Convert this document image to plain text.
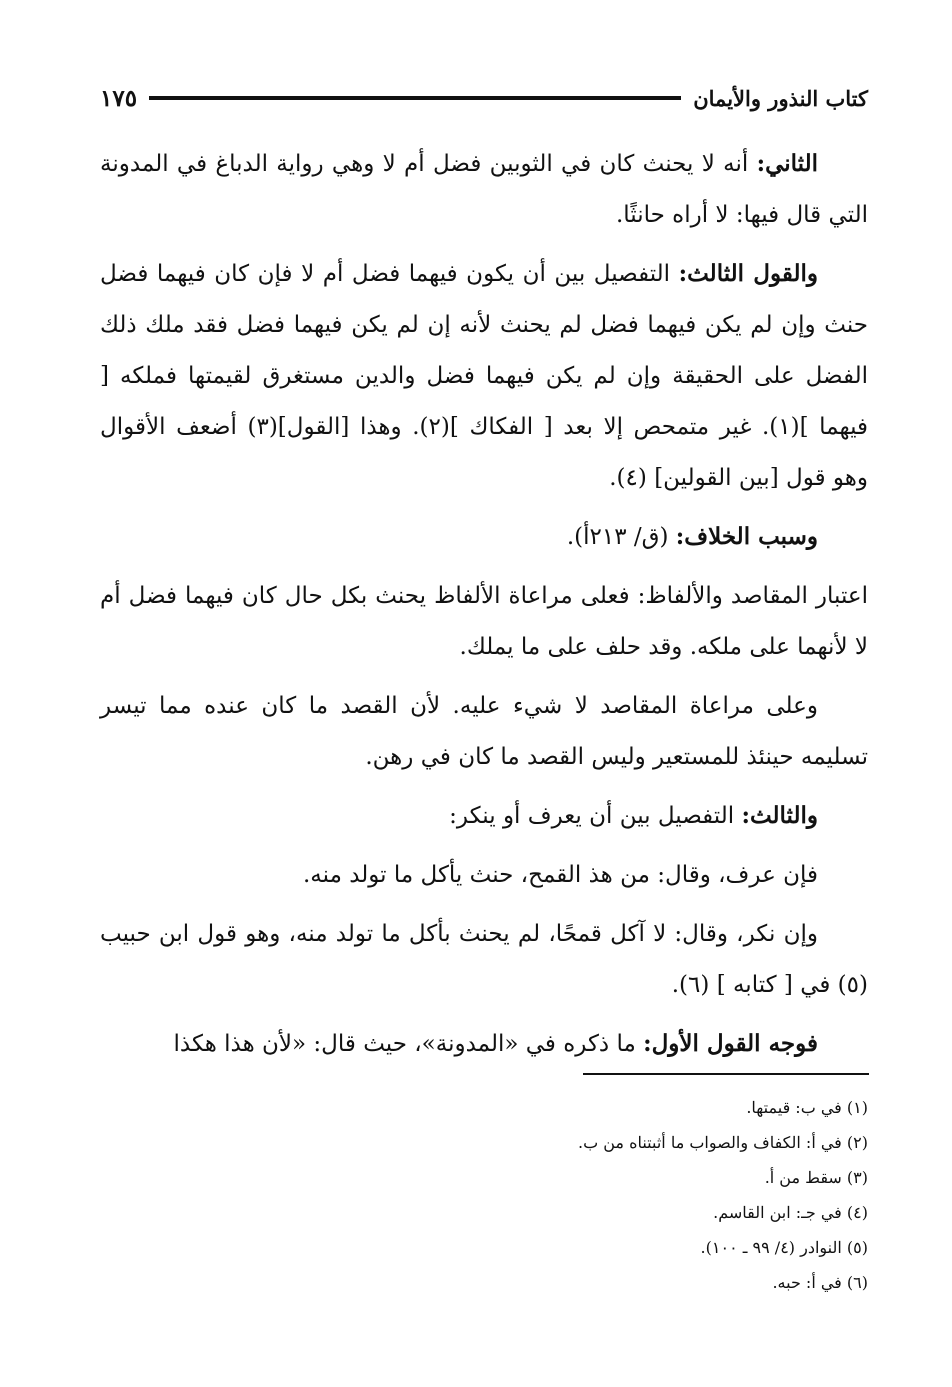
كتاب النذور والأيمان
١٧٥

الثاني: أنه لا يحنث كان في الثوبين فضل أم لا وهي رواية الدباغ في المدونة التي قال فيها: لا أراه حانثًا.

والقول الثالث: التفصيل بين أن يكون فيهما فضل أم لا فإن كان فيهما فضل حنث وإن لم يكن فيهما فضل لم يحنث لأنه إن لم يكن فيهما فضل فقد ملك ذلك الفضل على الحقيقة وإن لم يكن فيهما فضل والدين مستغرق لقيمتها فملكه [ فيهما ](١). غير متمحص إلا بعد [ الفكاك ](٢). وهذا [القول](٣) أضعف الأقوال وهو قول [بين القولين] (٤).

وسبب الخلاف: (ق/ ٢١٣أ).

اعتبار المقاصد والألفاظ: فعلى مراعاة الألفاظ يحنث بكل حال كان فيهما فضل أم لا لأنهما على ملكه. وقد حلف على ما يملك.

وعلى مراعاة المقاصد لا شيء عليه. لأن القصد ما كان عنده مما تيسر تسليمه حينئذ للمستعير وليس القصد ما كان في رهن.

والثالث: التفصيل بين أن يعرف أو ينكر:

فإن عرف، وقال: من هذ القمح، حنث يأكل ما تولد منه.

وإن نكر، وقال: لا آكل قمحًا، لم يحنث بأكل ما تولد منه، وهو قول ابن حبيب (٥) في [ كتابه ] (٦).

فوجه القول الأول: ما ذكره في «المدونة»، حيث قال: «لأن هذا هكذا

(١) في ب: قيمتها.

(٢) في أ: الكفاف والصواب ما أثبتناه من ب.

(٣) سقط من أ.

(٤) في جـ: ابن القاسم.

(٥) النوادر (٤/ ٩٩ ـ ١٠٠).

(٦) في أ: حبه.
